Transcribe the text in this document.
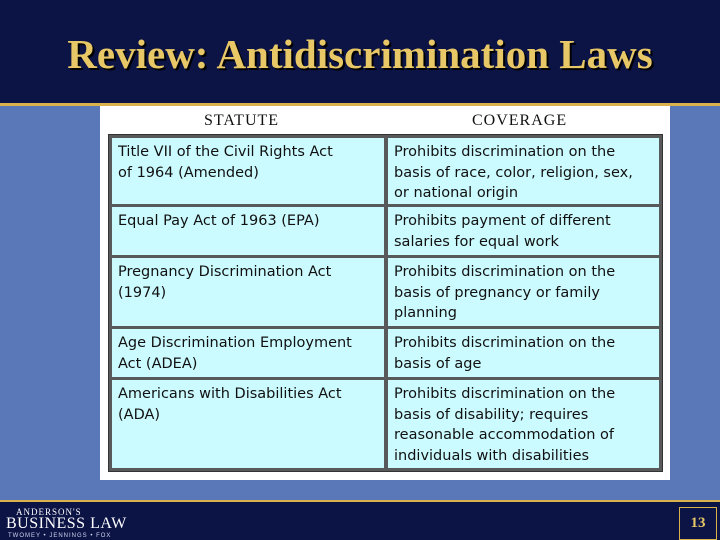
Review: Antidiscrimination Laws
STATUTE	COVERAGE
Title VII of the Civil Rights Act
of 1964 (Amended)
Prohibits discrimination on the
basis of race, color, religion, sex,
or national origin
Equal Pay Act of 1963 (EPA)	Prohibits payment of different
salaries for equal work
Pregnancy Discrimination Act
(1974)
Prohibits discrimination on the
basis of pregnancy or family
planning
Age Discrimination Employment
Act (ADEA)
Prohibits discrimination on the
basis of age
Americans with Disabilities Act
(ADA)
Prohibits discrimination on the
basis of disability; requires
reasonable accommodation of
individuals with disabilities
ANDERSON'S
BUSINESS LAW
TWOMEY • JENNINGS • FOX
13
